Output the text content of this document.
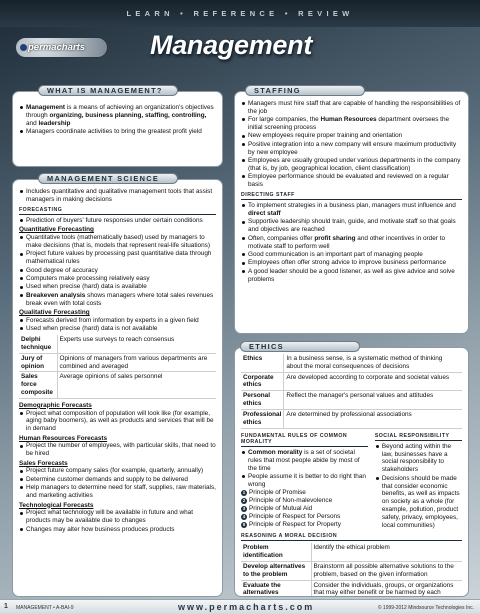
LEARN • REFERENCE • REVIEW
permacharts	Management
Management is a means of achieving an organization's objectives through organizing, business planning, staffing, controlling, and leadership
Managers coordinate activities to bring the greatest profit yield
WHAT IS MANAGEMENT?
Includes quantitative and qualitative management tools that assist managers in making decisions
FORECASTING
Prediction of buyers' future responses under certain conditions
Quantitative Forecasting
Quantitative tools (mathematically based) used by managers to make decisions (that is, models that represent real-life situations)
Project future values by processing past quantitative data through mathematical rules
Good degree of accuracy
Computers make processing relatively easy
Used when precise (hard) data is available
Breakeven analysis shows managers where total sales revenues break even with total costs
Qualitative Forecasting
Forecasts derived from information by experts in a given field
Used when precise (hard) data is not available
Delphi technique	Experts use surveys to reach consensus
Jury of opinion	Opinions of managers from various departments are combined and averaged
Sales force composite	Average opinions of sales personnel
Demographic Forecasts
Project what composition of population will look like (for example, aging baby boomers), as well as products and services that will be in demand
Human Resources Forecasts
Project the number of employees, with particular skills, that need to be hired
Sales Forecasts
Project future company sales (for example, quarterly, annually)
Determine customer demands and supply to be delivered
Help managers to determine need for staff, supplies, raw materials, and marketing activities
Technological Forecasts
Project what technology will be available in future and what products may be available due to changes
Changes may alter how business produces products
MANAGEMENT SCIENCE
Managers must hire staff that are capable of handling the responsibilities of the job
For large companies, the Human Resources department oversees the initial screening process
New employees require proper training and orientation
Positive integration into a new company will ensure maximum productivity by new employee
Employees are usually grouped under various departments in the company (that is, by job, geographical location, client classification)
Employee performance should be evaluated and reviewed on a regular basis
DIRECTING STAFF
To implement strategies in a business plan, managers must influence and direct staff
Supportive leadership should train, guide, and motivate staff so that goals and objectives are reached
Often, companies offer profit sharing and other incentives in order to motivate staff to perform well
Good communication is an important part of managing people
Employees often offer strong advice to improve business performance
A good leader should be a good listener, as well as give advice and solve problems
STAFFING
Ethics	In a business sense, is a systematic method of thinking about the moral consequences of decisions
Corporate ethics	Are developed according to corporate and societal values
Personal ethics	Reflect the manager's personal values and attitudes
Professional ethics	Are determined by professional associations
FUNDAMENTAL RULES OF COMMON MORALITY
Common morality is a set of societal rules that most people abide by most of the time
People assume it is better to do right than wrong
1 Principle of Promise
2 Principle of Non-malevolence
3 Principle of Mutual Aid
4 Principle of Respect for Persons
5 Principle of Respect for Property
SOCIAL RESPONSIBILITY
Beyond acting within the law, businesses have a social responsibility to stakeholders
Decisions should be made that consider economic benefits, as well as impacts on society as a whole (for example, pollution, product safety, privacy, employees, local communities)
REASONING A MORAL DECISION
Problem identification	Identify the ethical problem
Develop alternatives to the problem	Brainstorm all possible alternative solutions to the problem, based on the given information
Evaluate the alternatives	Consider the individuals, groups, or organizations that may either benefit or be harmed by each

ETHICS
1 MANAGEMENT • A-BAI-9	www.permacharts.com	© 1999-2012 Mindsource Technologies Inc.
